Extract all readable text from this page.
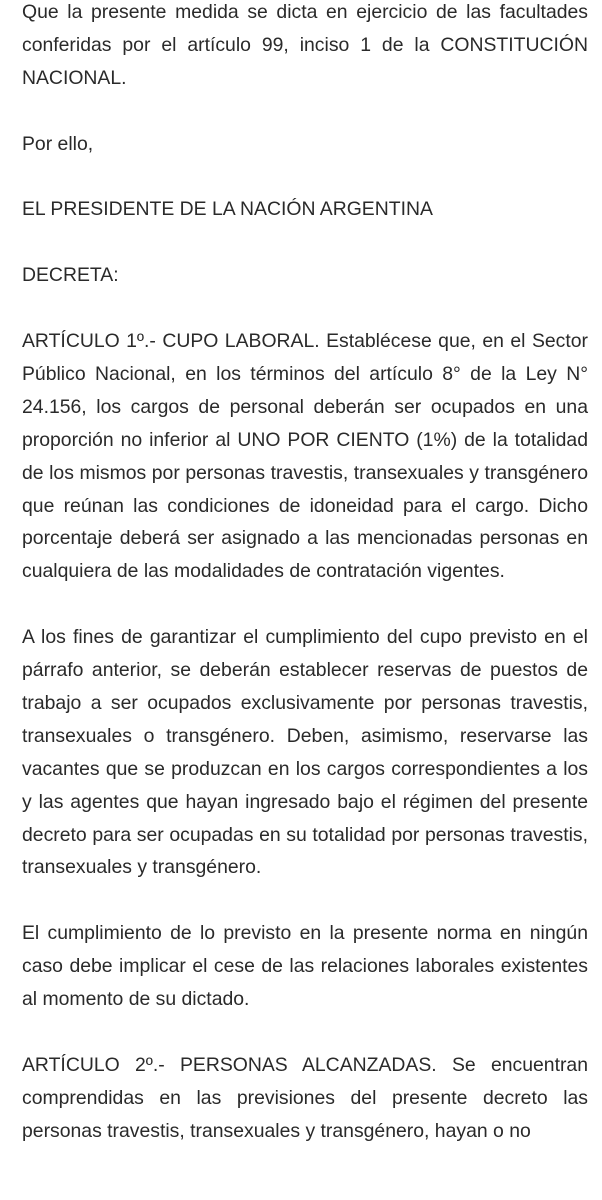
Que la presente medida se dicta en ejercicio de las facultades conferidas por el artículo 99, inciso 1 de la CONSTITUCIÓN NACIONAL.

Por ello,

EL PRESIDENTE DE LA NACIÓN ARGENTINA

DECRETA:

ARTÍCULO 1º.- CUPO LABORAL. Establécese que, en el Sector Público Nacional, en los términos del artículo 8° de la Ley N° 24.156, los cargos de personal deberán ser ocupados en una proporción no inferior al UNO POR CIENTO (1%) de la totalidad de los mismos por personas travestis, transexuales y transgénero que reúnan las condiciones de idoneidad para el cargo. Dicho porcentaje deberá ser asignado a las mencionadas personas en cualquiera de las modalidades de contratación vigentes.

A los fines de garantizar el cumplimiento del cupo previsto en el párrafo anterior, se deberán establecer reservas de puestos de trabajo a ser ocupados exclusivamente por personas travestis, transexuales o transgénero. Deben, asimismo, reservarse las vacantes que se produzcan en los cargos correspondientes a los y las agentes que hayan ingresado bajo el régimen del presente decreto para ser ocupadas en su totalidad por personas travestis, transexuales y transgénero.

El cumplimiento de lo previsto en la presente norma en ningún caso debe implicar el cese de las relaciones laborales existentes al momento de su dictado.

ARTÍCULO 2º.- PERSONAS ALCANZADAS. Se encuentran comprendidas en las previsiones del presente decreto las personas travestis, transexuales y transgénero, hayan o no
